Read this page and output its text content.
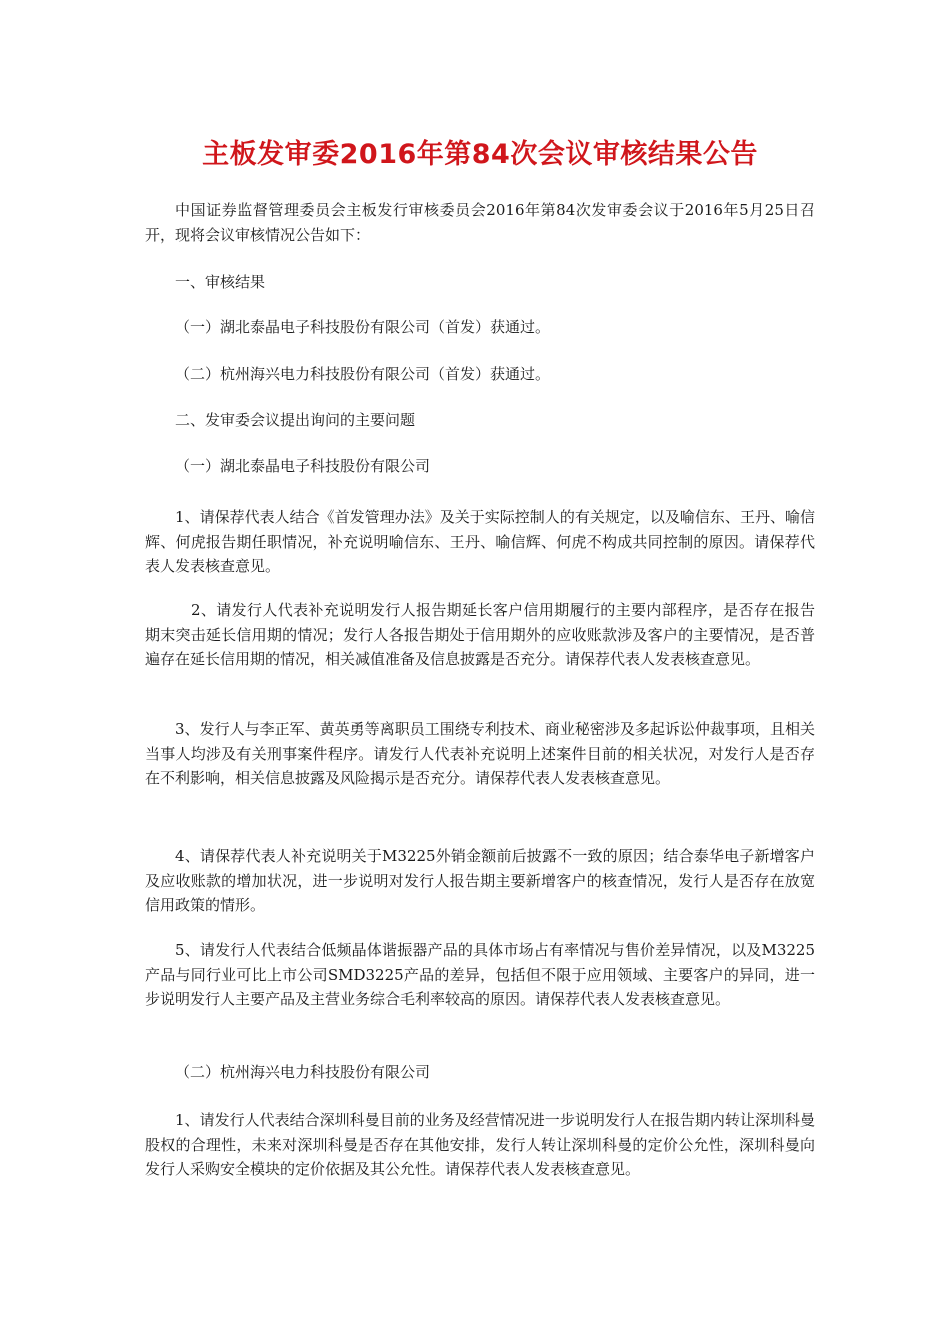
主板发审委2016年第84次会议审核结果公告

中国证券监督管理委员会主板发行审核委员会2016年第84次发审委会议于2016年5月25日召开，现将会议审核情况公告如下：

一、审核结果

（一）湖北泰晶电子科技股份有限公司（首发）获通过。

（二）杭州海兴电力科技股份有限公司（首发）获通过。

二、发审委会议提出询问的主要问题

（一）湖北泰晶电子科技股份有限公司

1、请保荐代表人结合《首发管理办法》及关于实际控制人的有关规定，以及喻信东、王丹、喻信辉、何虎报告期任职情况，补充说明喻信东、王丹、喻信辉、何虎不构成共同控制的原因。请保荐代表人发表核查意见。

2、请发行人代表补充说明发行人报告期延长客户信用期履行的主要内部程序，是否存在报告期末突击延长信用期的情况；发行人各报告期处于信用期外的应收账款涉及客户的主要情况，是否普遍存在延长信用期的情况，相关减值准备及信息披露是否充分。请保荐代表人发表核查意见。

3、发行人与李正军、黄英勇等离职员工围绕专利技术、商业秘密涉及多起诉讼仲裁事项，且相关当事人均涉及有关刑事案件程序。请发行人代表补充说明上述案件目前的相关状况，对发行人是否存在不利影响，相关信息披露及风险揭示是否充分。请保荐代表人发表核查意见。

4、请保荐代表人补充说明关于M3225外销金额前后披露不一致的原因；结合泰华电子新增客户及应收账款的增加状况，进一步说明对发行人报告期主要新增客户的核查情况，发行人是否存在放宽信用政策的情形。

5、请发行人代表结合低频晶体谐振器产品的具体市场占有率情况与售价差异情况，以及M3225产品与同行业可比上市公司SMD3225产品的差异，包括但不限于应用领域、主要客户的异同，进一步说明发行人主要产品及主营业务综合毛利率较高的原因。请保荐代表人发表核查意见。

（二）杭州海兴电力科技股份有限公司

1、请发行人代表结合深圳科曼目前的业务及经营情况进一步说明发行人在报告期内转让深圳科曼股权的合理性，未来对深圳科曼是否存在其他安排，发行人转让深圳科曼的定价公允性，深圳科曼向发行人采购安全模块的定价依据及其公允性。请保荐代表人发表核查意见。
